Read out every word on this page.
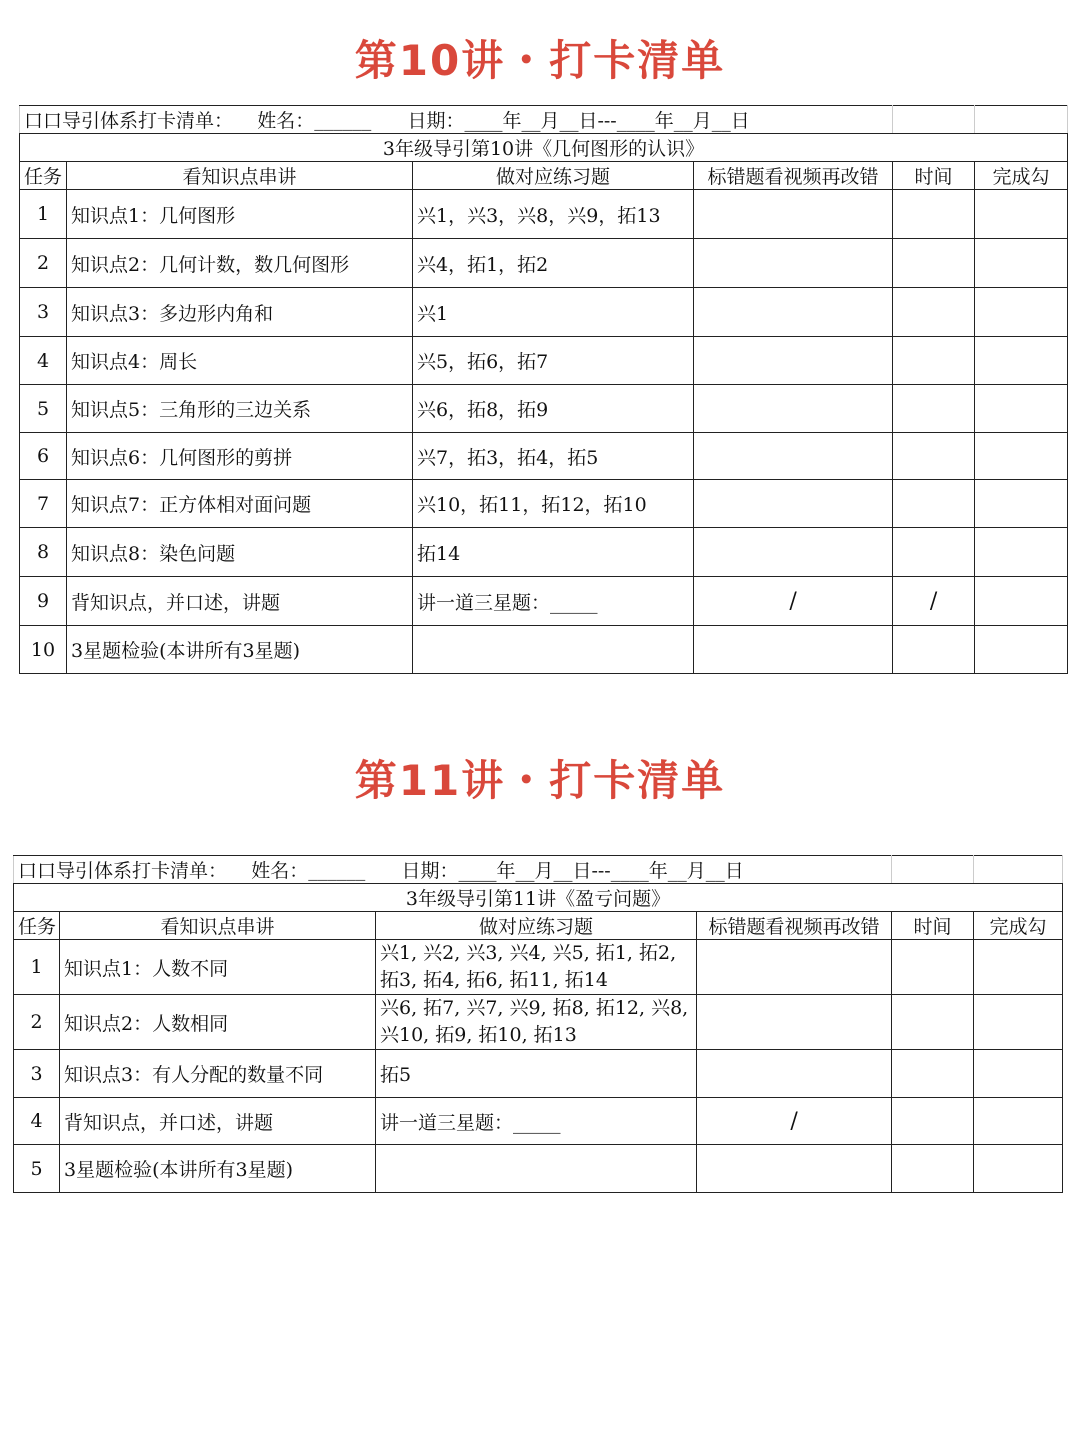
第10讲・打卡清单
口口导引体系打卡清单：
姓名： ______
日期： ____年__月__日---____年__月__日					

3年级导引第10讲《几何图形的认识》					
任务	看知识点串讲	做对应练习题	标错题看视频再改错	时间	完成勾
1	知识点1：几何图形	兴1，兴3，兴8，兴9，拓13			
2	知识点2：几何计数，数几何图形	兴4，拓1，拓2			
3	知识点3：多边形内角和	兴1			
4	知识点4：周长	兴5，拓6，拓7			
5	知识点5：三角形的三边关系	兴6，拓8，拓9			
6	知识点6：几何图形的剪拼	兴7，拓3，拓4，拓5			
7	知识点7：正方体相对面问题	兴10，拓11，拓12，拓10			
8	知识点8：染色问题	拓14			
9	背知识点，并口述，讲题	讲一道三星题：_____	/	/	
10	3星题检验(本讲所有3星题)				
第11讲・打卡清单
口口导引体系打卡清单：
姓名： ______
日期： ____年__月__日---____年__月__日					

3年级导引第11讲《盈亏问题》					
任务	看知识点串讲	做对应练习题	标错题看视频再改错	时间	完成勾
1	知识点1：人数不同	兴1, 兴2, 兴3, 兴4, 兴5, 拓1, 拓2, 拓3, 拓4, 拓6, 拓11, 拓14			
2	知识点2：人数相同	兴6, 拓7, 兴7, 兴9, 拓8, 拓12, 兴8, 兴10, 拓9, 拓10, 拓13			
3	知识点3：有人分配的数量不同	拓5			
4	背知识点，并口述，讲题	讲一道三星题：_____	/		
5	3星题检验(本讲所有3星题)				
